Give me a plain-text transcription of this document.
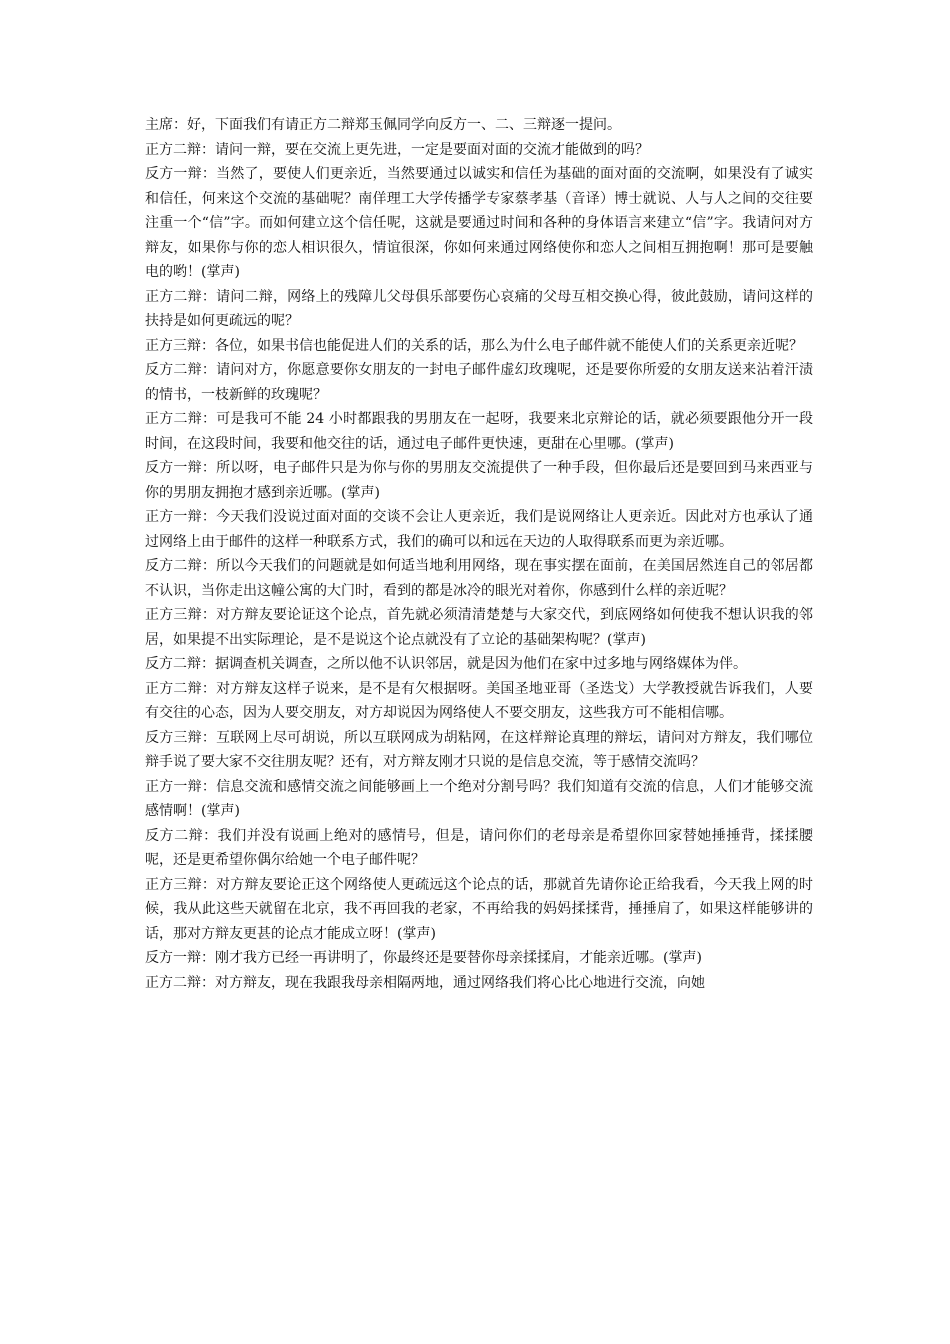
主席：好，下面我们有请正方二辩郑玉佩同学向反方一、二、三辩逐一提问。

正方二辩：请问一辩，要在交流上更先进，一定是要面对面的交流才能做到的吗？

反方一辩：当然了，要使人们更亲近，当然要通过以诚实和信任为基础的面对面的交流啊，如果没有了诚实和信任，何来这个交流的基础呢？南佯理工大学传播学专家蔡孝基（音译）博士就说、人与人之间的交往要注重一个“信”字。而如何建立这个信任呢，这就是要通过时间和各种的身体语言来建立“信”字。我请问对方辩友，如果你与你的恋人相识很久，情谊很深，你如何来通过网络使你和恋人之间相互拥抱啊！那可是要触电的哟！(掌声)

正方二辩：请问二辩，网络上的残障儿父母俱乐部要伤心哀痛的父母互相交换心得，彼此鼓励，请问这样的扶持是如何更疏远的呢？

正方三辩：各位，如果书信也能促进人们的关系的话，那么为什么电子邮件就不能使人们的关系更亲近呢？

反方二辩：请问对方，你愿意要你女朋友的一封电子邮件虚幻玫瑰呢，还是要你所爱的女朋友送来沾着汗渍的情书，一枝新鲜的玫瑰呢？

正方二辩：可是我可不能 24 小时都跟我的男朋友在一起呀，我要来北京辩论的话，就必须要跟他分开一段时间，在这段时间，我要和他交往的话，通过电子邮件更快速，更甜在心里哪。(掌声)

反方一辩：所以呀，电子邮件只是为你与你的男朋友交流提供了一种手段，但你最后还是要回到马来西亚与你的男朋友拥抱才感到亲近哪。(掌声)

正方一辩：今天我们没说过面对面的交谈不会让人更亲近，我们是说网络让人更亲近。因此对方也承认了通过网络上由于邮件的这样一种联系方式，我们的确可以和远在天边的人取得联系而更为亲近哪。

反方二辩：所以今天我们的问题就是如何适当地利用网络，现在事实摆在面前，在美国居然连自己的邻居都不认识，当你走出这幢公寓的大门时，看到的都是冰冷的眼光对着你，你感到什么样的亲近呢？

正方三辩：对方辩友要论证这个论点，首先就必须清清楚楚与大家交代，到底网络如何使我不想认识我的邻居，如果提不出实际理论，是不是说这个论点就没有了立论的基础架构呢？(掌声)

反方二辩：据调查机关调查，之所以他不认识邻居，就是因为他们在家中过多地与网络媒体为伴。

正方二辩：对方辩友这样子说来，是不是有欠根据呀。美国圣地亚哥（圣迭戈）大学教授就告诉我们，人要有交往的心态，因为人要交朋友，对方却说因为网络使人不要交朋友，这些我方可不能相信哪。

反方三辩：互联网上尽可胡说，所以互联网成为胡粘网，在这样辩论真理的辩坛，请问对方辩友，我们哪位辩手说了要大家不交往朋友呢？还有，对方辩友刚才只说的是信息交流，等于感情交流吗？

正方一辩：信息交流和感情交流之间能够画上一个绝对分割号吗？我们知道有交流的信息，人们才能够交流感情啊！(掌声)

反方二辩：我们并没有说画上绝对的感情号，但是，请问你们的老母亲是希望你回家替她捶捶背，揉揉腰呢，还是更希望你偶尔给她一个电子邮件呢？

正方三辩：对方辩友要论正这个网络使人更疏远这个论点的话，那就首先请你论正给我看，今天我上网的时候，我从此这些天就留在北京，我不再回我的老家，不再给我的妈妈揉揉背，捶捶肩了，如果这样能够讲的话，那对方辩友更甚的论点才能成立呀！(掌声)

反方一辩：刚才我方已经一再讲明了，你最终还是要替你母亲揉揉肩，才能亲近哪。(掌声)

正方二辩：对方辩友，现在我跟我母亲相隔两地，通过网络我们将心比心地进行交流，向她
